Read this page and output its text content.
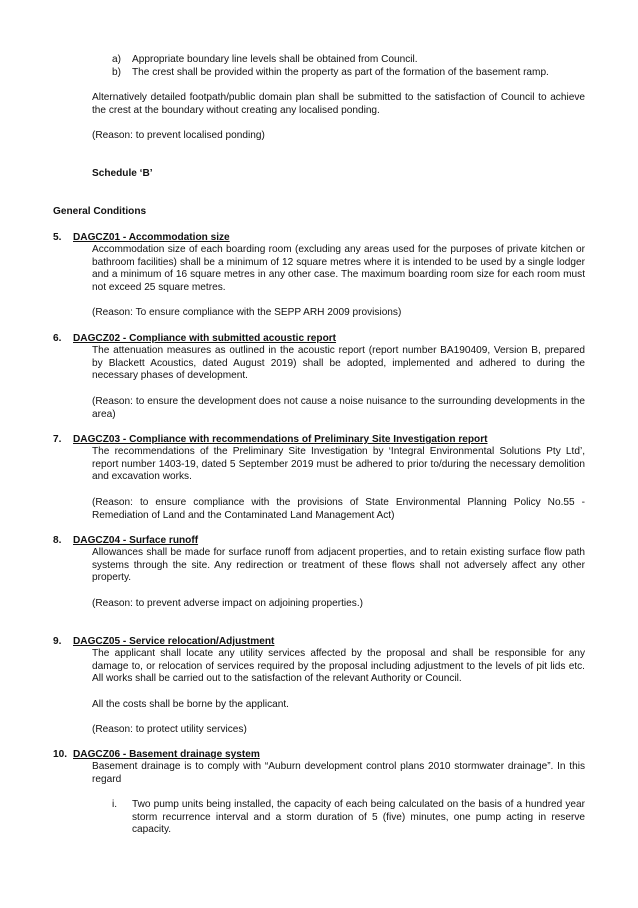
a) Appropriate boundary line levels shall be obtained from Council.
b) The crest shall be provided within the property as part of the formation of the basement ramp.
Alternatively detailed footpath/public domain plan shall be submitted to the satisfaction of Council to achieve the crest at the boundary without creating any localised ponding.
(Reason: to prevent localised ponding)
Schedule ‘B’
General Conditions
5. DAGCZ01 - Accommodation size
Accommodation size of each boarding room (excluding any areas used for the purposes of private kitchen or bathroom facilities) shall be a minimum of 12 square metres where it is intended to be used by a single lodger and a minimum of 16 square metres in any other case. The maximum boarding room size for each room must not exceed 25 square metres.
(Reason: To ensure compliance with the SEPP ARH 2009 provisions)
6. DAGCZ02 - Compliance with submitted acoustic report
The attenuation measures as outlined in the acoustic report (report number BA190409, Version B, prepared by Blackett Acoustics, dated August 2019) shall be adopted, implemented and adhered to during the necessary phases of development.
(Reason: to ensure the development does not cause a noise nuisance to the surrounding developments in the area)
7. DAGCZ03 - Compliance with recommendations of Preliminary Site Investigation report
The recommendations of the Preliminary Site Investigation by ‘Integral Environmental Solutions Pty Ltd’, report number 1403-19, dated 5 September 2019 must be adhered to prior to/during the necessary demolition and excavation works.
(Reason: to ensure compliance with the provisions of State Environmental Planning Policy No.55 - Remediation of Land and the Contaminated Land Management Act)
8. DAGCZ04 - Surface runoff
Allowances shall be made for surface runoff from adjacent properties, and to retain existing surface flow path systems through the site. Any redirection or treatment of these flows shall not adversely affect any other property.
(Reason: to prevent adverse impact on adjoining properties.)
9. DAGCZ05 - Service relocation/Adjustment
The applicant shall locate any utility services affected by the proposal and shall be responsible for any damage to, or relocation of services required by the proposal including adjustment to the levels of pit lids etc. All works shall be carried out to the satisfaction of the relevant Authority or Council.
All the costs shall be borne by the applicant.
(Reason: to protect utility services)
10. DAGCZ06 - Basement drainage system
Basement drainage is to comply with “Auburn development control plans 2010 stormwater drainage”. In this regard
i. Two pump units being installed, the capacity of each being calculated on the basis of a hundred year storm recurrence interval and a storm duration of 5 (five) minutes, one pump acting in reserve capacity.
